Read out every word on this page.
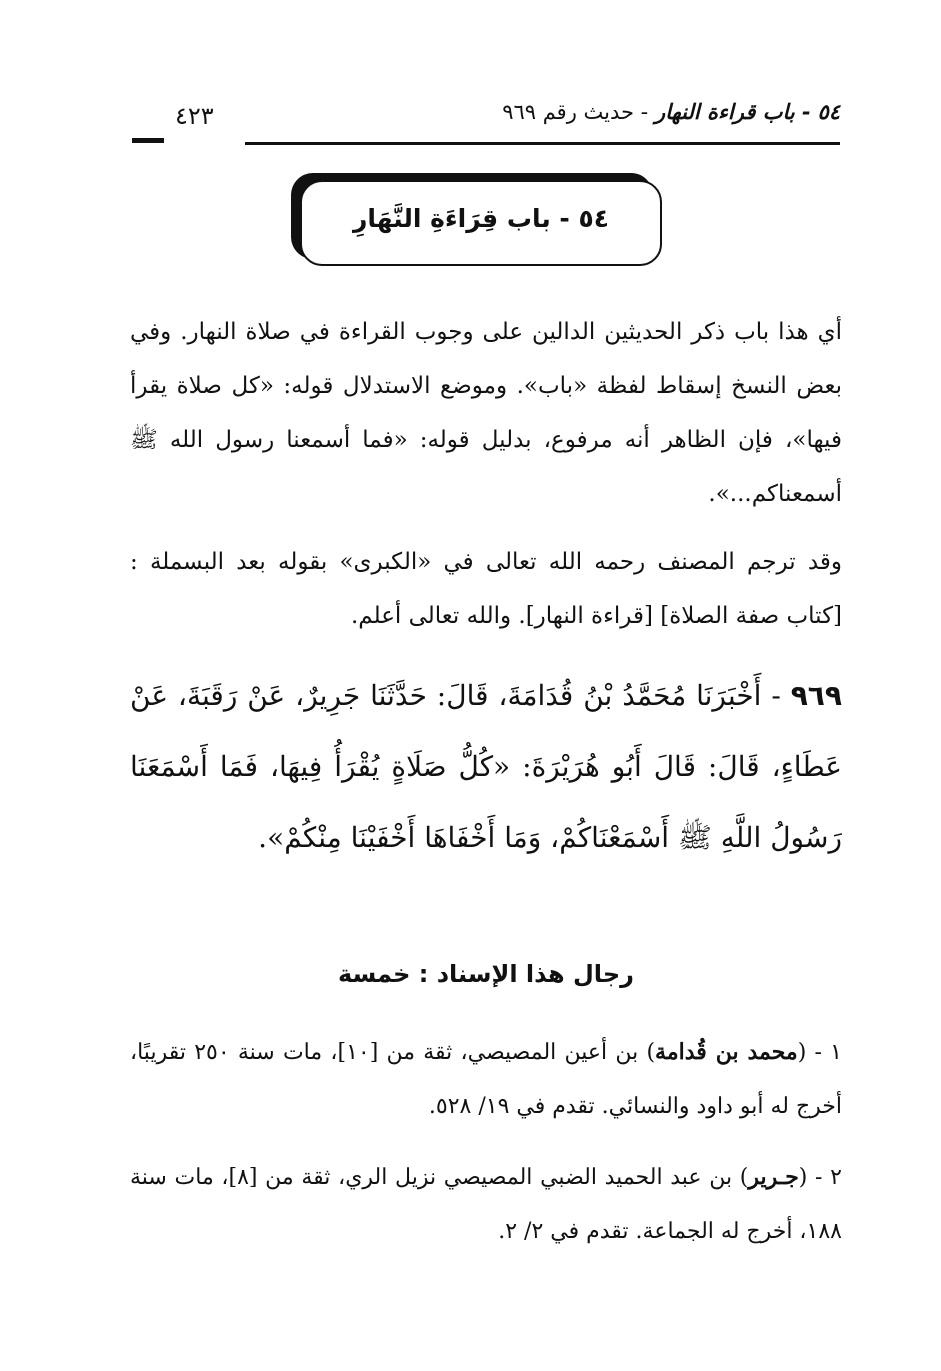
٥٤ - باب قراءة النهار - حديث رقم ٩٦٩
٤٢٣
٥٤ - باب قِرَاءَةِ النَّهَارِ
أي هذا باب ذكر الحديثين الدالين على وجوب القراءة في صلاة النهار. وفي بعض النسخ إسقاط لفظة «باب». وموضع الاستدلال قوله: «كل صلاة يقرأ فيها»، فإن الظاهر أنه مرفوع، بدليل قوله: «فما أسمعنا رسول الله ﷺ أسمعناكم...».
وقد ترجم المصنف رحمه الله تعالى في «الكبرى» بقوله بعد البسملة : [كتاب صفة الصلاة] [قراءة النهار]. والله تعالى أعلم.
٩٦٩ - أَخْبَرَنَا مُحَمَّدُ بْنُ قُدَامَةَ، قَالَ: حَدَّثَنَا جَرِيرٌ، عَنْ رَقَبَةَ، عَنْ عَطَاءٍ، قَالَ: قَالَ أَبُو هُرَيْرَةَ: «كُلُّ صَلَاةٍ يُقْرَأُ فِيهَا، فَمَا أَسْمَعَنَا رَسُولُ اللَّهِ ﷺ أَسْمَعْنَاكُمْ، وَمَا أَخْفَاهَا أَخْفَيْنَا مِنْكُمْ».
رجال هذا الإسناد : خمسة
١ - (محمد بن قُدامة) بن أعين المصيصي، ثقة من [١٠]، مات سنة ٢٥٠ تقريبًا، أخرج له أبو داود والنسائي. تقدم في ١٩/ ٥٢٨.
٢ - (جـرير) بن عبد الحميد الضبي المصيصي نزيل الري، ثقة من [٨]، مات سنة ١٨٨، أخرج له الجماعة. تقدم في ٢/ ٢.
